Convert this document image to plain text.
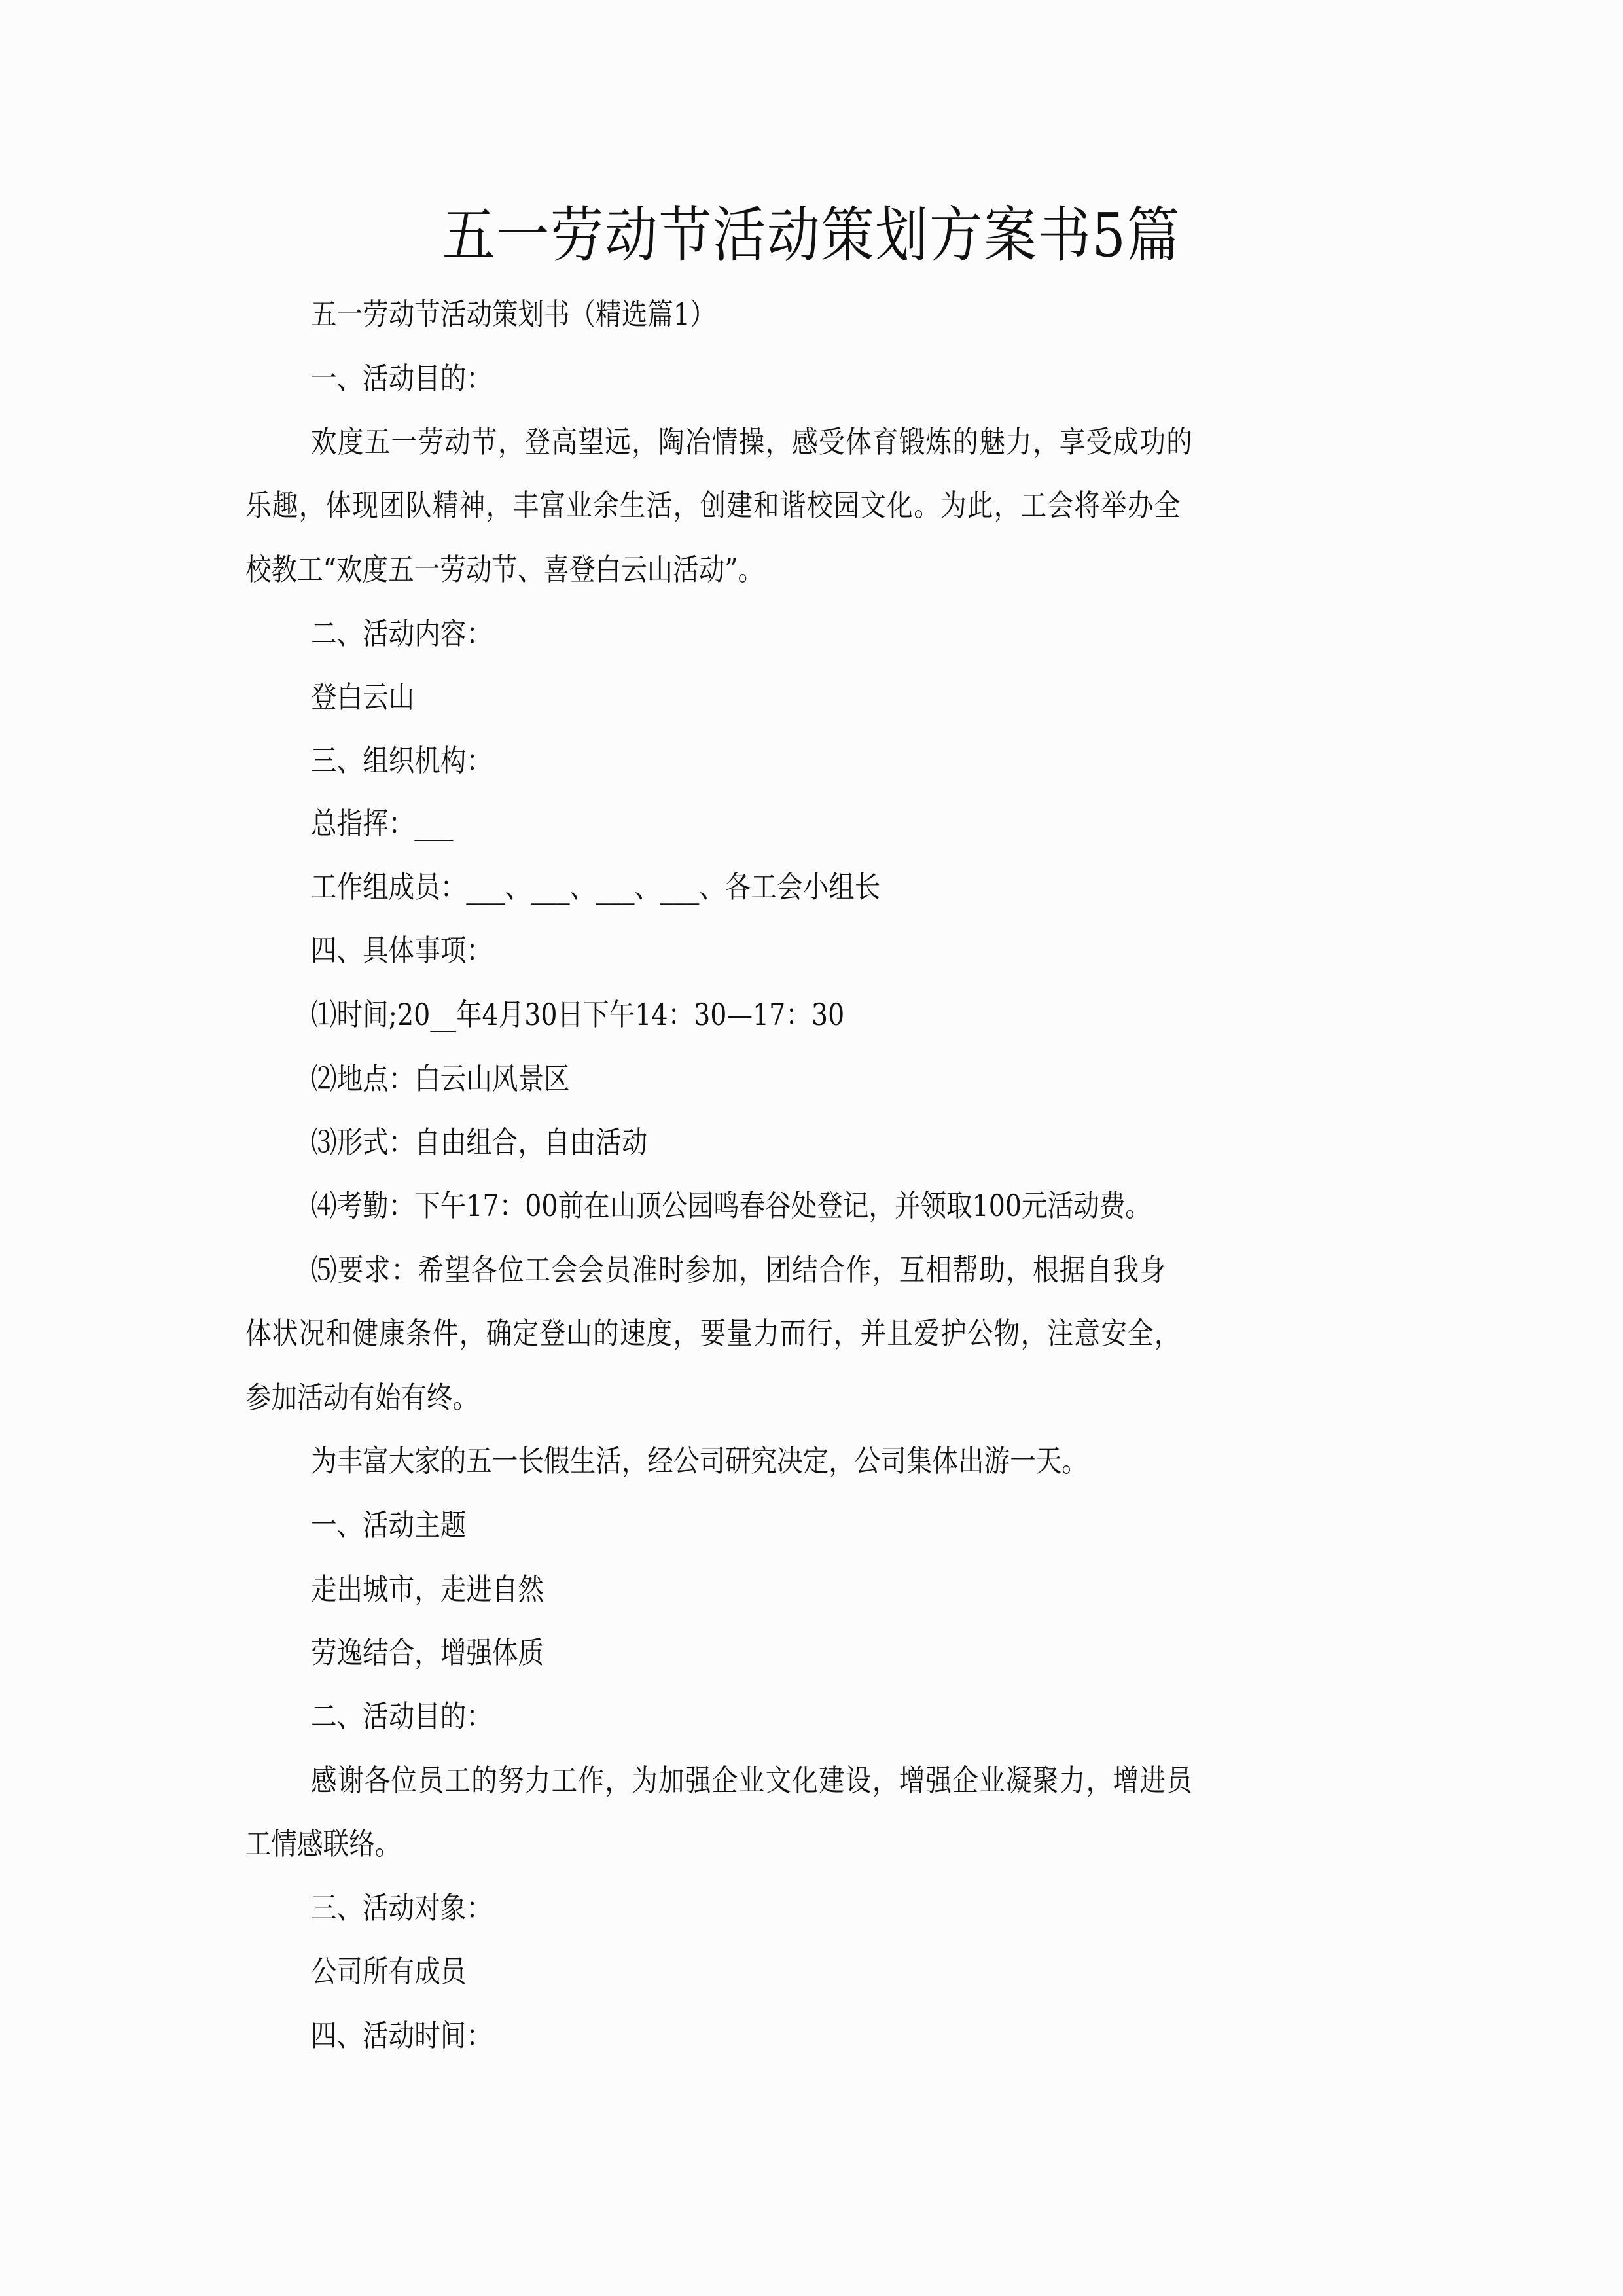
五一劳动节活动策划方案书5篇
五一劳动节活动策划书（精选篇1）
一、活动目的：
欢度五一劳动节，登高望远，陶冶情操，感受体育锻炼的魅力，享受成功的
乐趣，体现团队精神，丰富业余生活，创建和谐校园文化。为此，工会将举办全
校教工“欢度五一劳动节、喜登白云山活动”。
二、活动内容：
登白云山
三、组织机构：
总指挥：___
工作组成员：___、___、___、___、各工会小组长
四、具体事项：
⑴时间;20__年4月30日下午14：30—17：30
⑵地点：白云山风景区
⑶形式：自由组合，自由活动
⑷考勤：下午17：00前在山顶公园鸣春谷处登记，并领取100元活动费。
⑸要求：希望各位工会会员准时参加，团结合作，互相帮助，根据自我身
体状况和健康条件，确定登山的速度，要量力而行，并且爱护公物，注意安全，
参加活动有始有终。
为丰富大家的五一长假生活，经公司研究决定，公司集体出游一天。
一、活动主题
走出城市，走进自然
劳逸结合，增强体质
二、活动目的：
感谢各位员工的努力工作，为加强企业文化建设，增强企业凝聚力，增进员
工情感联络。
三、活动对象：
公司所有成员
四、活动时间：
